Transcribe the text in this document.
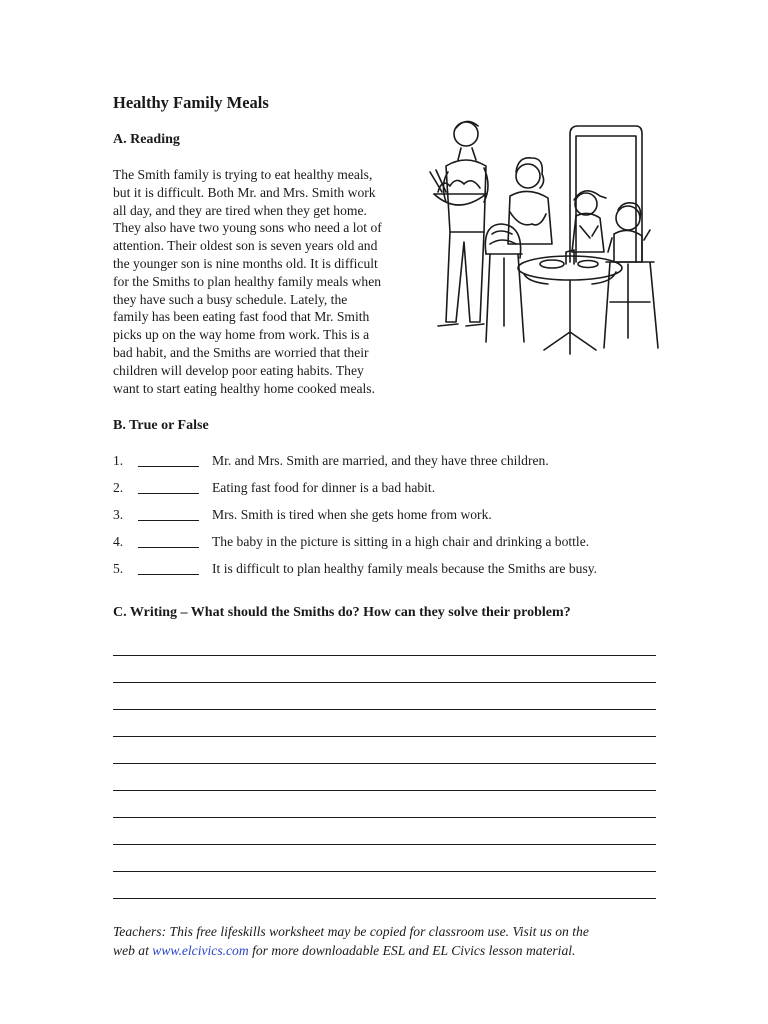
Healthy Family Meals
A. Reading
The Smith family is trying to eat healthy meals,
but it is difficult. Both Mr. and Mrs. Smith work
all day, and they are tired when they get home.
They also have two young sons who need a lot of
attention. Their oldest son is seven years old and
the younger son is nine months old. It is difficult
for the Smiths to plan healthy family meals when
they have such a busy schedule. Lately, the
family has been eating fast food that Mr. Smith
picks up on the way home from work. This is a
bad habit, and the Smiths are worried that their
children will develop poor eating habits. They
want to start eating healthy home cooked meals.
B. True or False
1.	Mr. and Mrs. Smith are married, and they have three children.
2.	Eating fast food for dinner is a bad habit.
3.	Mrs. Smith is tired when she gets home from work.
4.	The baby in the picture is sitting in a high chair and drinking a bottle.
5.	It is difficult to plan healthy family meals because the Smiths are busy.
C. Writing – What should the Smiths do? How can they solve their problem?
Teachers: This free lifeskills worksheet may be copied for classroom use. Visit us on the
web at www.elcivics.com for more downloadable ESL and EL Civics lesson material.
